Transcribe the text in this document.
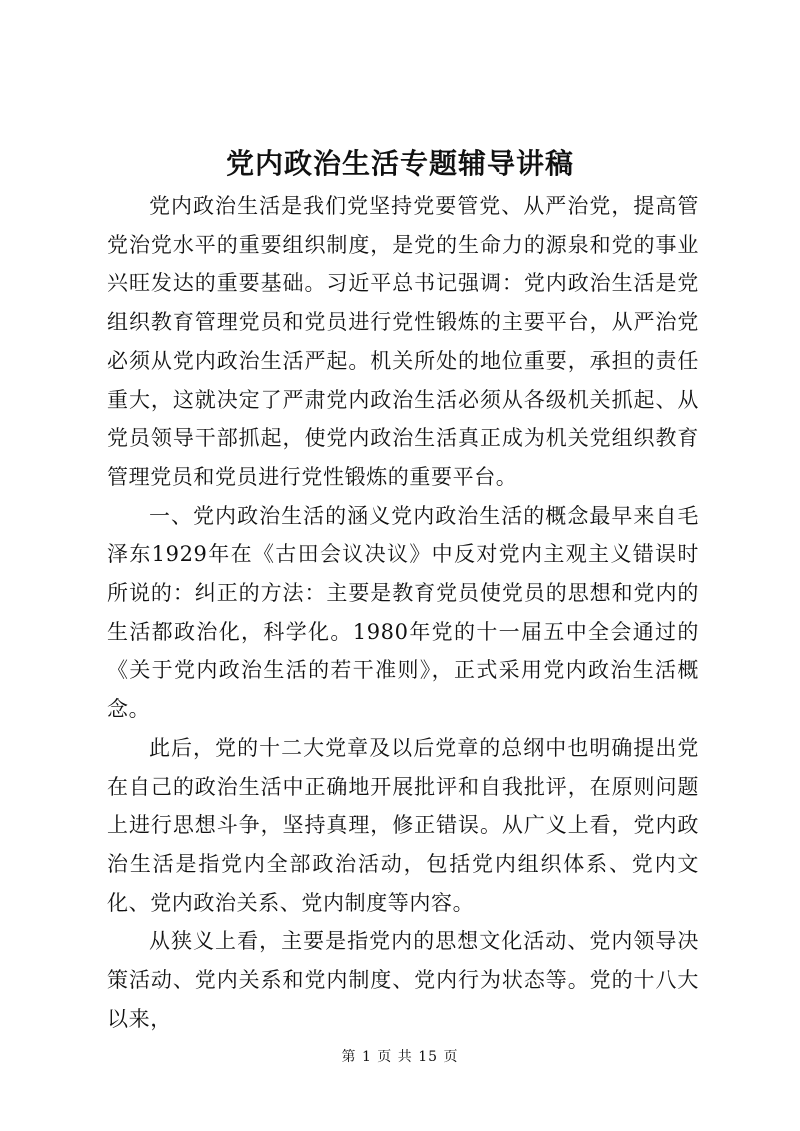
党内政治生活专题辅导讲稿

党内政治生活是我们党坚持党要管党、从严治党，提高管党治党水平的重要组织制度，是党的生命力的源泉和党的事业兴旺发达的重要基础。习近平总书记强调：党内政治生活是党组织教育管理党员和党员进行党性锻炼的主要平台，从严治党必须从党内政治生活严起。机关所处的地位重要，承担的责任重大，这就决定了严肃党内政治生活必须从各级机关抓起、从党员领导干部抓起，使党内政治生活真正成为机关党组织教育管理党员和党员进行党性锻炼的重要平台。

一、党内政治生活的涵义党内政治生活的概念最早来自毛泽东1929年在《古田会议决议》中反对党内主观主义错误时所说的：纠正的方法：主要是教育党员使党员的思想和党内的生活都政治化，科学化。1980年党的十一届五中全会通过的《关于党内政治生活的若干准则》，正式采用党内政治生活概念。

此后，党的十二大党章及以后党章的总纲中也明确提出党在自己的政治生活中正确地开展批评和自我批评，在原则问题上进行思想斗争，坚持真理，修正错误。从广义上看，党内政治生活是指党内全部政治活动，包括党内组织体系、党内文化、党内政治关系、党内制度等内容。

从狭义上看，主要是指党内的思想文化活动、党内领导决策活动、党内关系和党内制度、党内行为状态等。党的十八大以来，

第 1 页 共 15 页
